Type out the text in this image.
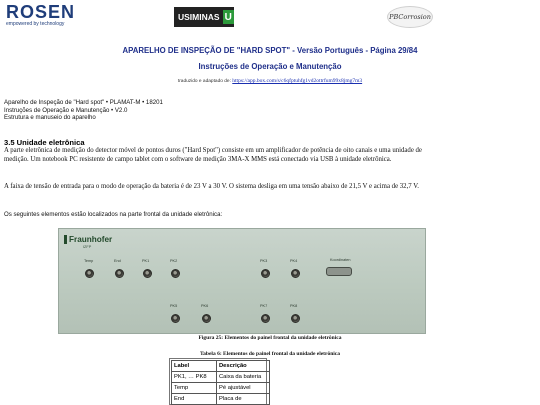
ROSEN
empowered by technology
USIMINAS U	PBCorrosion
APARELHO DE INSPEÇÃO DE "HARD SPOT" - Versão Português - Página 29/84
Instruções de Operação e Manutenção
traduzido e adaptado de: https://app.box.com/s/c6qfptuhfg1vd2ottrfum99x8jmg7m3
Aparelho de Inspeção de "Hard spot" • PLAMAT-M • 18201
Instruções de Operação e Manutenção • V2.0
Estrutura e manuseio do aparelho
3.5 Unidade eletrônica
A parte eletrônica de medição do detector móvel de pontos duros ("Hard Spot") consiste em um amplificador de potência de oito canais e uma unidade de medição. Um notebook PC resistente de campo tablet com o software de medição 3MA-X MMS está conectado via USB à unidade eletrônica.
A faixa de tensão de entrada para o modo de operação da bateria é de 23 V a 30 V. O sistema desliga em uma tensão abaixo de 21,5 V e acima de 32,7 V.
Os seguintes elementos estão localizados na parte frontal da unidade eletrônica:
Fraunhofer
IZFP
Temp	End	PK1	PK2	PK3	PK4	Koordinaten
PK5	PK6	PK7	PK8
Figura 25: Elementos do painel frontal da unidade eletrônica
Tabela 6: Elementos do painel frontal da unidade eletrônica
Label	Descrição
PK1, … PK8	Caixa da bateria
Temp	Pé ajustável
End	Placa de
